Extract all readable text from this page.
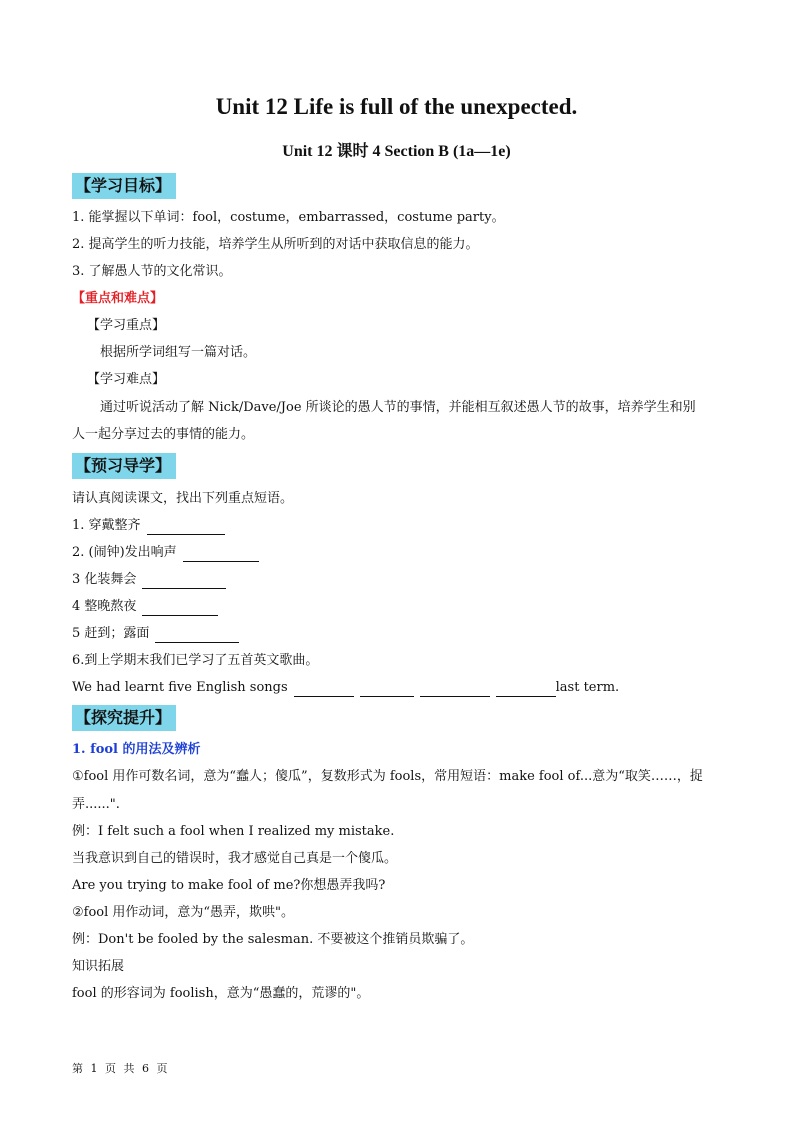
Unit 12 Life is full of the unexpected.
Unit 12 课时 4 Section B (1a—1e)
【学习目标】
1. 能掌握以下单词：fool，costume，embarrassed，costume party。
2. 提高学生的听力技能，培养学生从所听到的对话中获取信息的能力。
3. 了解愚人节的文化常识。
【重点和难点】
【学习重点】
根据所学词组写一篇对话。
【学习难点】
通过听说活动了解 Nick/Dave/Joe 所谈论的愚人节的事情，并能相互叙述愚人节的故事，培养学生和别
人一起分享过去的事情的能力。
【预习导学】
请认真阅读课文，找出下列重点短语。
1. 穿戴整齐
2. (闹钟)发出响声
3 化装舞会
4 整晚熬夜
5 赶到；露面
6.到上学期末我们已学习了五首英文歌曲。
We had learnt five English songs	last term.
【探究提升】
1. fool 的用法及辨析
①fool 用作可数名词，意为“蠢人；傻瓜”，复数形式为 fools，常用短语：make fool of...意为“取笑……，捉
弄......".
例：I felt such a fool when I realized my mistake.
当我意识到自己的错误时，我才感觉自己真是一个傻瓜。
Are you trying to make fool of me?你想愚弄我吗?
②fool 用作动词，意为“愚弄，欺哄"。
例：Don't be fooled by the salesman. 不要被这个推销员欺骗了。
知识拓展
fool 的形容词为 foolish，意为“愚蠢的，荒谬的"。
第 1 页 共 6 页
